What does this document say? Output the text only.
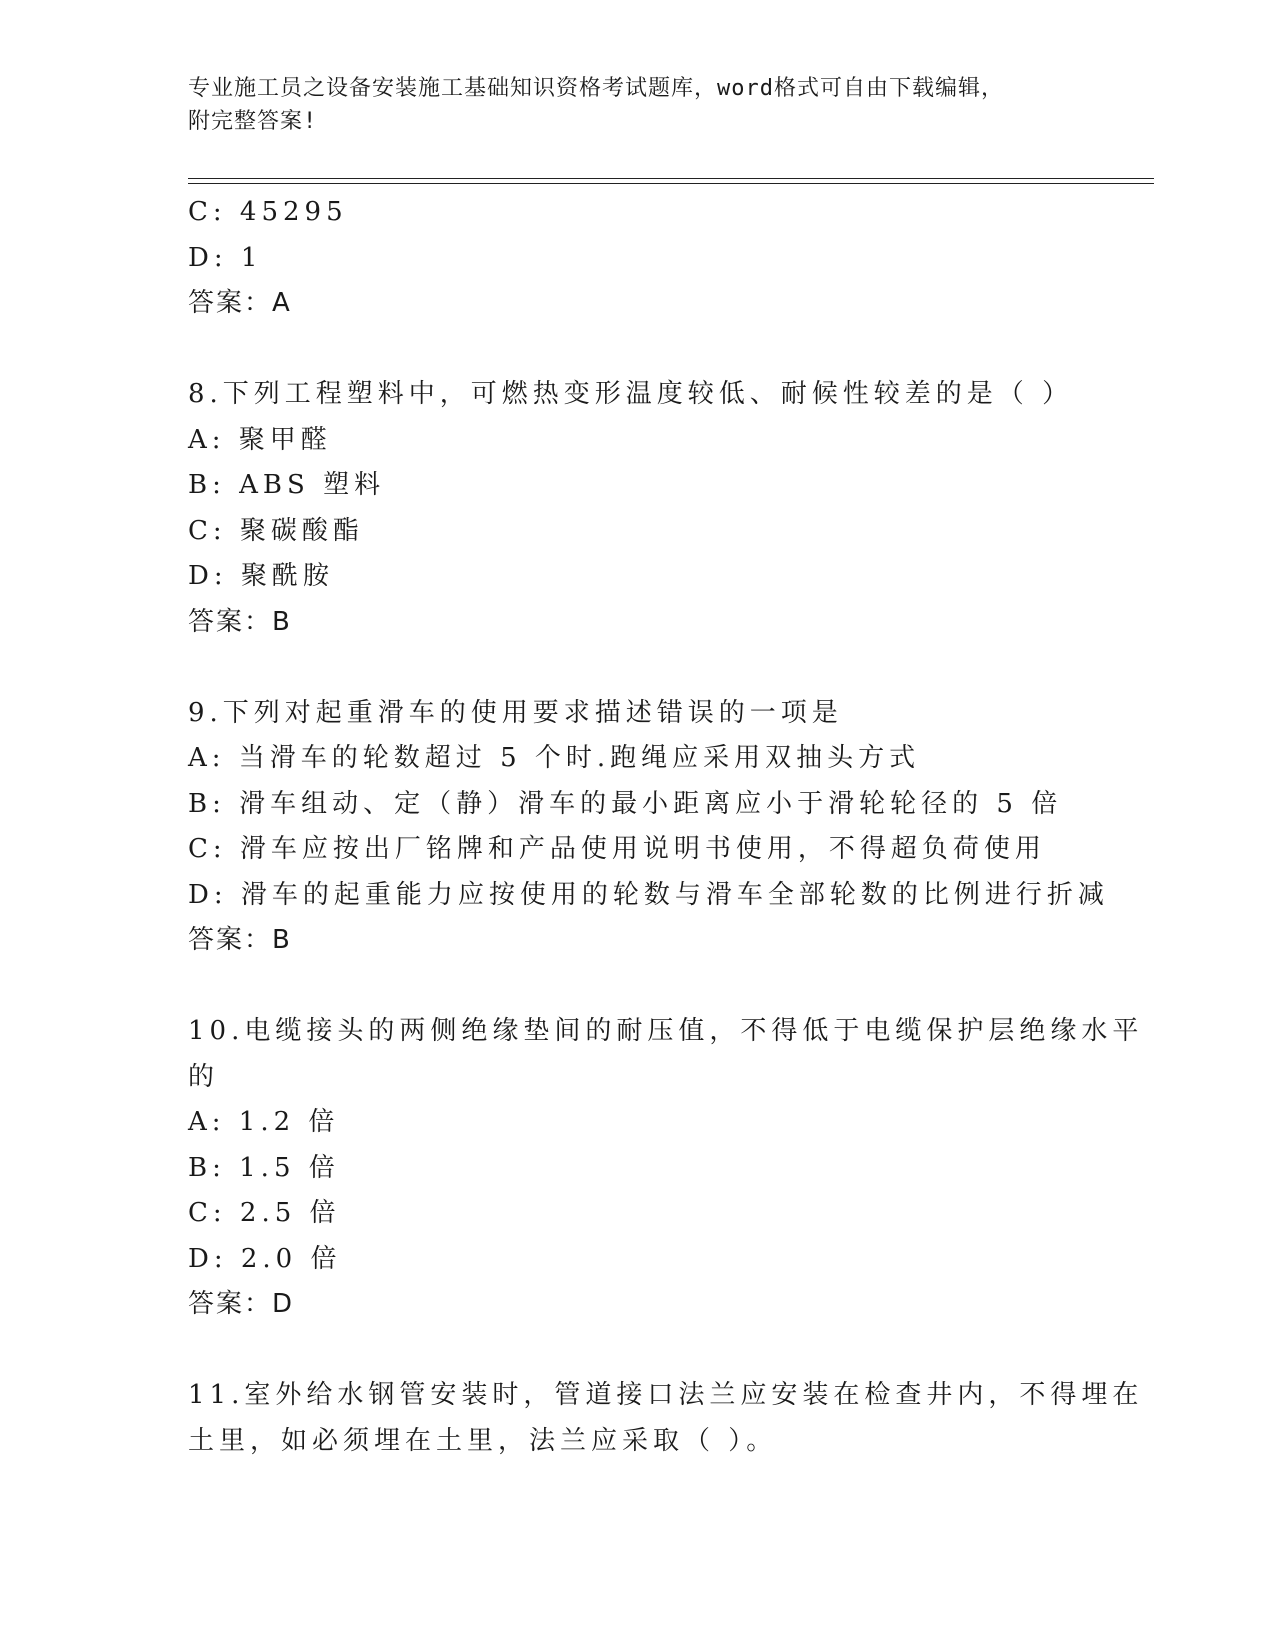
专业施工员之设备安装施工基础知识资格考试题库，word格式可自由下载编辑，
附完整答案!
C: 45295
D: 1
答案：A
8.下列工程塑料中，可燃热变形温度较低、耐候性较差的是（ ）
A: 聚甲醛
B: ABS 塑料
C: 聚碳酸酯
D: 聚酰胺
答案：B
9.下列对起重滑车的使用要求描述错误的一项是
A: 当滑车的轮数超过 5 个时.跑绳应采用双抽头方式
B: 滑车组动、定（静）滑车的最小距离应小于滑轮轮径的 5 倍
C: 滑车应按出厂铭牌和产品使用说明书使用，不得超负荷使用
D: 滑车的起重能力应按使用的轮数与滑车全部轮数的比例进行折减
答案：B
10.电缆接头的两侧绝缘垫间的耐压值，不得低于电缆保护层绝缘水平
的
A: 1.2 倍
B: 1.5 倍
C: 2.5 倍
D: 2.0 倍
答案：D
11.室外给水钢管安装时，管道接口法兰应安装在检查井内，不得埋在
土里，如必须埋在土里，法兰应采取（ ）。
